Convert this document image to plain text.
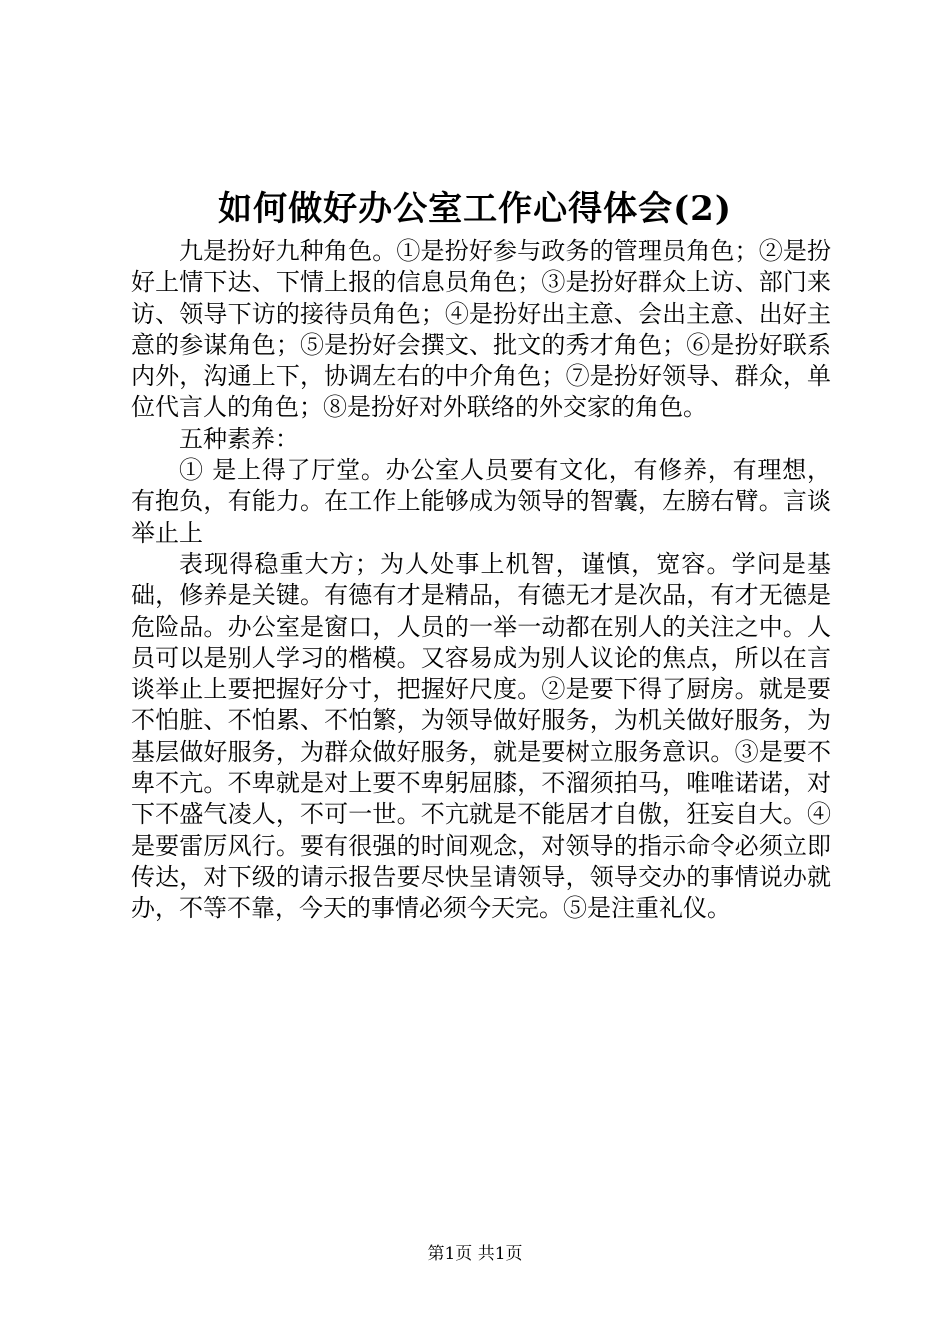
如何做好办公室工作心得体会(2)

九是扮好九种角色。①是扮好参与政务的管理员角色；②是扮好上情下达、下情上报的信息员角色；③是扮好群众上访、部门来访、领导下访的接待员角色；④是扮好出主意、会出主意、出好主意的参谋角色；⑤是扮好会撰文、批文的秀才角色；⑥是扮好联系内外，沟通上下，协调左右的中介角色；⑦是扮好领导、群众，单位代言人的角色；⑧是扮好对外联络的外交家的角色。

五种素养：

① 是上得了厅堂。办公室人员要有文化，有修养，有理想，有抱负，有能力。在工作上能够成为领导的智囊，左膀右臂。言谈举止上

表现得稳重大方；为人处事上机智，谨慎，宽容。学问是基础，修养是关键。有德有才是精品，有德无才是次品，有才无德是危险品。办公室是窗口，人员的一举一动都在别人的关注之中。人员可以是别人学习的楷模。又容易成为别人议论的焦点，所以在言谈举止上要把握好分寸，把握好尺度。②是要下得了厨房。就是要不怕脏、不怕累、不怕繁，为领导做好服务，为机关做好服务，为基层做好服务，为群众做好服务，就是要树立服务意识。③是要不卑不亢。不卑就是对上要不卑躬屈膝，不溜须拍马，唯唯诺诺，对下不盛气凌人，不可一世。不亢就是不能居才自傲，狂妄自大。④是要雷厉风行。要有很强的时间观念，对领导的指示命令必须立即传达，对下级的请示报告要尽快呈请领导，领导交办的事情说办就办，不等不靠，今天的事情必须今天完。⑤是注重礼仪。

第1页 共1页
